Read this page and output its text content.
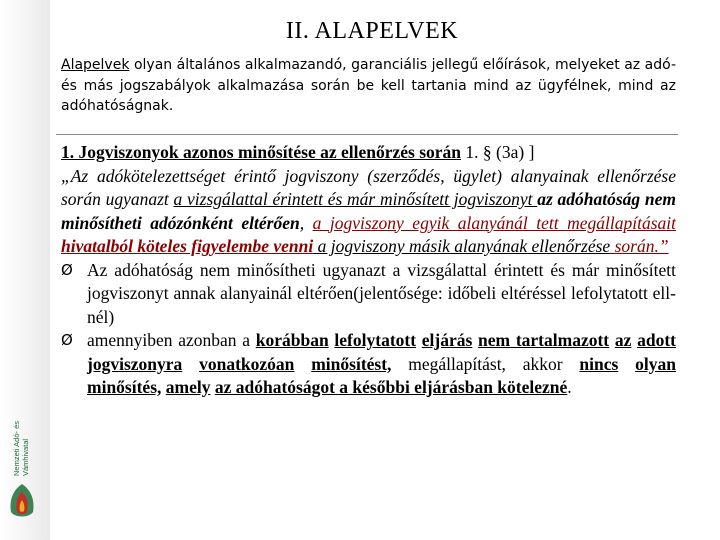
Nemzeti Adó- és Vámhivatal
II. ALAPELVEK
Alapelvek olyan általános alkalmazandó, garanciális jellegű előírások, melyeket az adó- és más jogszabályok alkalmazása során be kell tartania mind az ügyfélnek, mind az adóhatóságnak.

1. Jogviszonyok azonos minősítése az ellenőrzés során 1. § (3a) ]
„Az adókötelezettséget érintő jogviszony (szerződés, ügylet) alanyainak ellenőrzése során ugyanazt a vizsgálattal érintett és már minősített jogviszonyt az adóhatóság nem minősítheti adózónként eltérően, a jogviszony egyik alanyánál tett megállapításait hivatalból köteles figyelembe venni a jogviszony másik alanyának ellenőrzése során.”

Ø Az adóhatóság nem minősítheti ugyanazt a vizsgálattal érintett és már minősített jogviszonyt annak alanyainál eltérően(jelentősége: időbeli eltéréssel lefolytatott ell-nél)

Ø amennyiben azonban a korábban lefolytatott eljárás nem tartalmazott az adott jogviszonyra vonatkozóan minősítést, megállapítást, akkor nincs olyan minősítés, amely az adóhatóságot a későbbi eljárásban kötelezné.
